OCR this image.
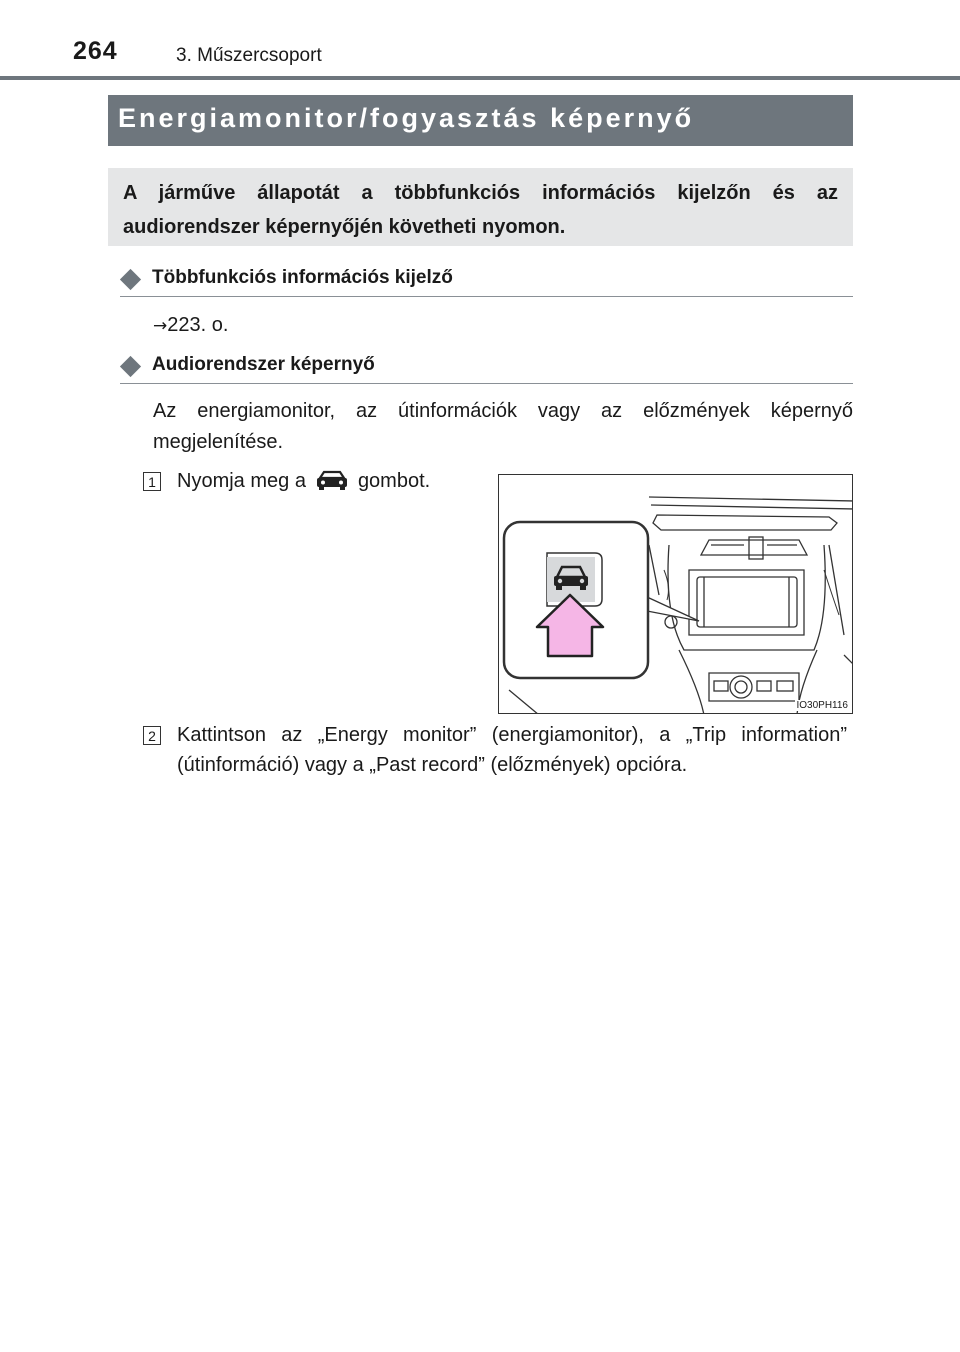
264	3. Műszercsoport
Energiamonitor/fogyasztás képernyő
A járműve állapotát a többfunkciós információs kijelzőn és az audiorendszer képernyőjén követheti nyomon.
Többfunkciós információs kijelző
→223. o.
Audiorendszer képernyő
Az energiamonitor, az útinformációk vagy az előzmények képernyő megjelenítése.
1 Nyomja meg a	gombot.
IO30PH116
2 Kattintson az „Energy monitor” (energiamonitor), a „Trip information” (útinformáció) vagy a „Past record” (előzmények) opcióra.
